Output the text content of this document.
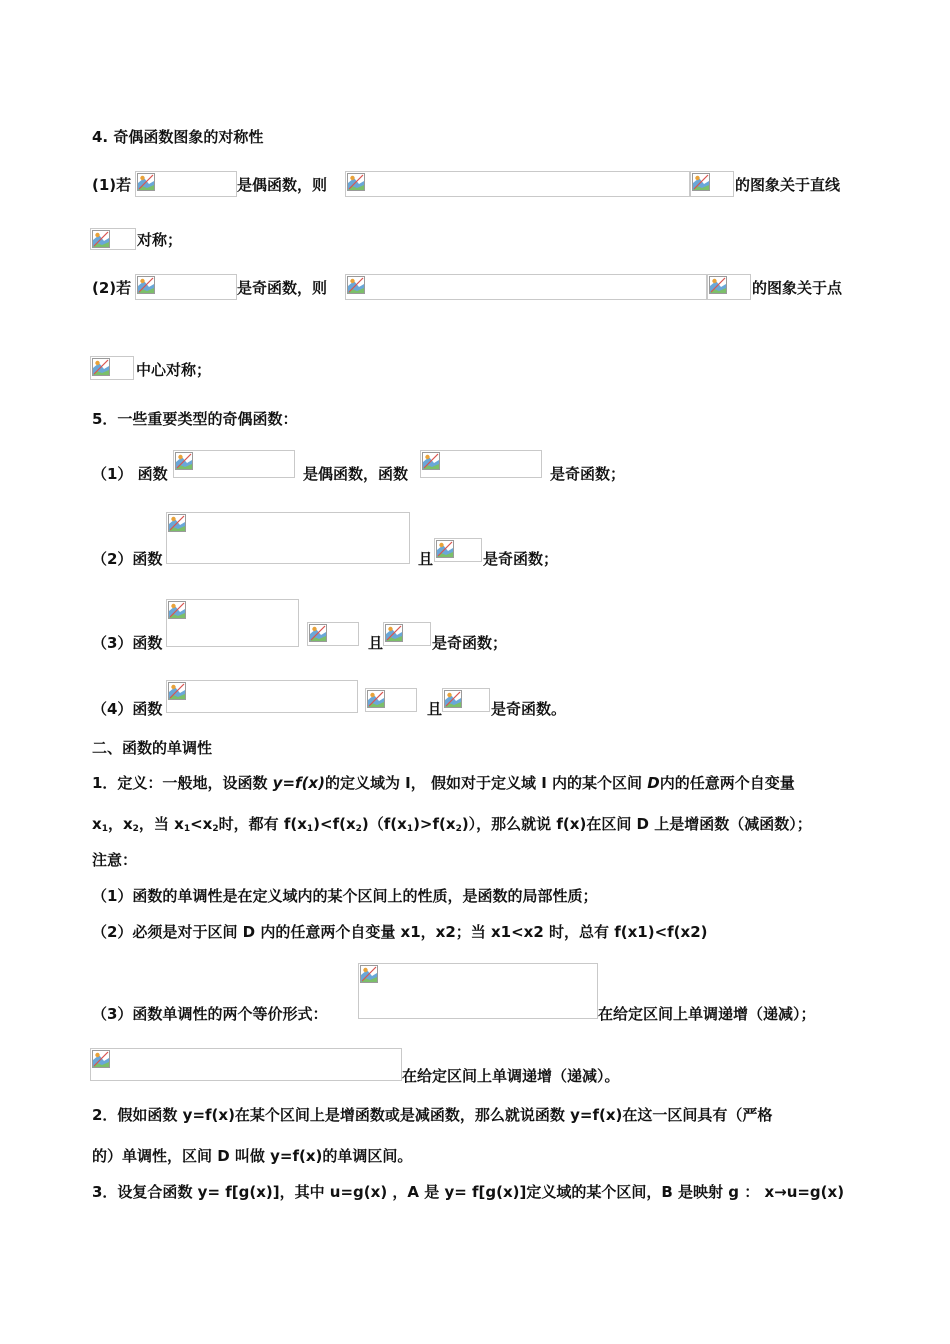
4. 奇偶函数图象的对称性
(1)若	是偶函数，则	的图象关于直线
对称；
(2)若	是奇函数，则	的图象关于点
中心对称；
5．一些重要类型的奇偶函数：
（1） 函数	是偶函数，函数	是奇函数；
（2）函数	且	是奇函数；
（3）函数	且	是奇函数；
（4）函数	且	是奇函数。
二、函数的单调性
1．定义：一般地，设函数 y=f(x)的定义域为 I， 假如对于定义域 I 内的某个区间 D内的任意两个自变量
$x_1$，$x_2$，当 $x_1<x_2$时，都有 $f(x_1)<f(x_2)(f(x_1)>f(x_2))$，那么就说 f(x)在区间 D 上是增函数（减函数）；
注意：
（1）函数的单调性是在定义域内的某个区间上的性质，是函数的局部性质；
（2）必须是对于区间 D 内的任意两个自变量 x1，x2；当 x1<x2 时，总有 f(x1)<f(x2)
（3）函数单调性的两个等价形式：	在给定区间上单调递增（递减）；
在给定区间上单调递增（递减）。
2．假如函数 y=f(x)在某个区间上是增函数或是减函数，那么就说函数 y=f(x)在这一区间具有（严格
的）单调性，区间 D 叫做 y=f(x)的单调区间。
3．设复合函数 y= f[g(x)]，其中 u=g(x) ，A 是 y= f[g(x)]定义域的某个区间，B 是映射 g ： x→u=g(x)
